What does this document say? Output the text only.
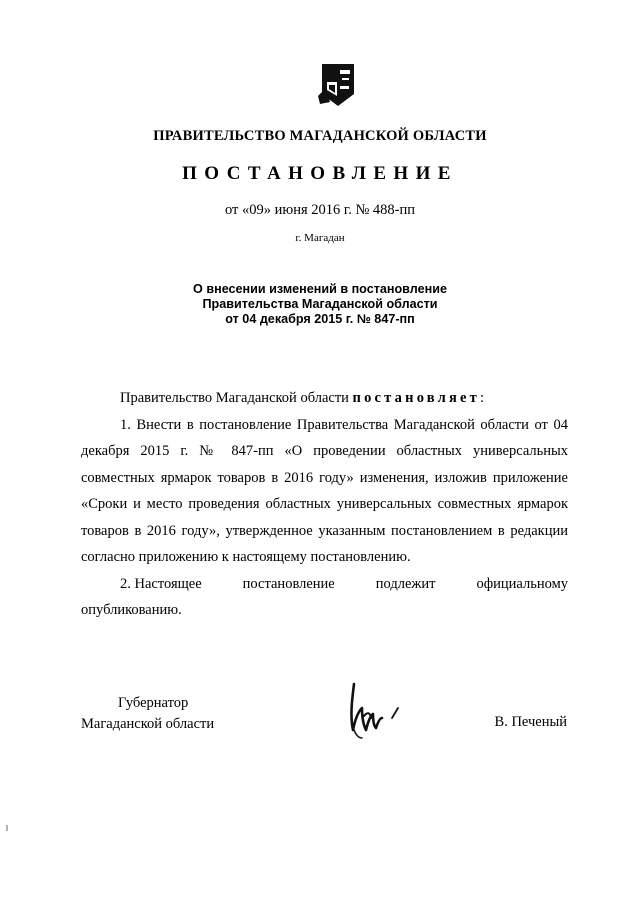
ПРАВИТЕЛЬСТВО МАГАДАНСКОЙ ОБЛАСТИ
ПОСТАНОВЛЕНИЕ
от «09» июня 2016 г. № 488-пп
г. Магадан
О внесении изменений в постановление
Правительства Магаданской области
от 04 декабря 2015 г. № 847-пп

Правительство Магаданской области постановляет:

1. Внести в постановление Правительства Магаданской области от 04 декабря 2015 г. № 847-пп «О проведении областных универсальных совместных ярмарок товаров в 2016 году» изменения, изложив приложение «Сроки и место проведения областных универсальных совместных ярмарок товаров в 2016 году», утвержденное указанным постановлением в редакции согласно приложению к настоящему постановлению.

2. Настоящее	постановление	подлежит	официальному
опубликованию.
Губернатор
Магаданской области	В. Печеный
